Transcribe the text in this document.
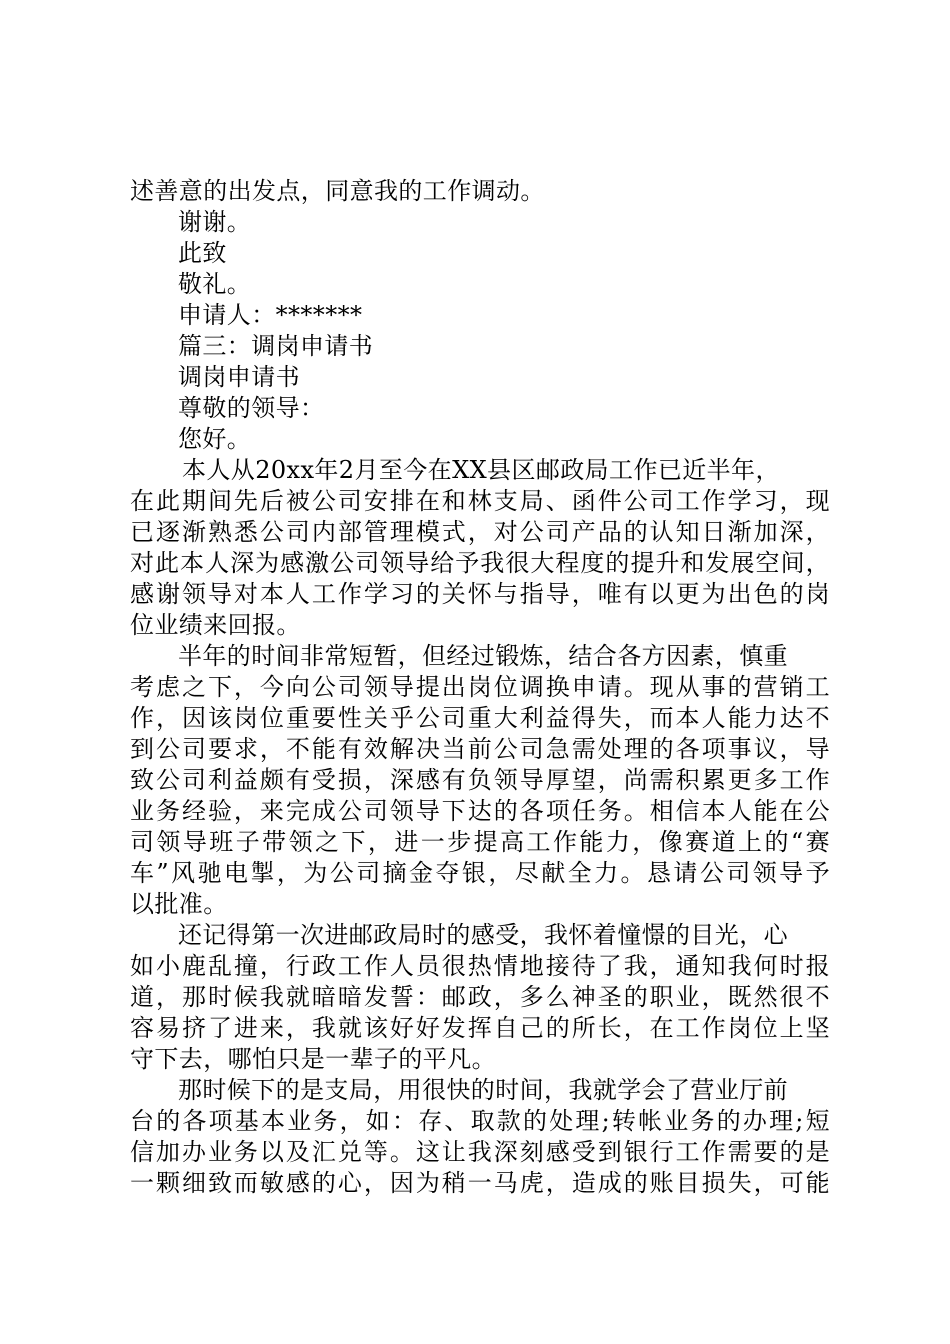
述善意的出发点，同意我的工作调动。
谢谢。
此致
敬礼。
申请人：*******
篇三：调岗申请书
调岗申请书
尊敬的领导：
您好。
本人从20xx年2月至今在XX县区邮政局工作已近半年，
在此期间先后被公司安排在和林支局、函件公司工作学习，现
已逐渐熟悉公司内部管理模式，对公司产品的认知日渐加深，
对此本人深为感激公司领导给予我很大程度的提升和发展空间，
感谢领导对本人工作学习的关怀与指导，唯有以更为出色的岗
位业绩来回报。
半年的时间非常短暂，但经过锻炼，结合各方因素，慎重
考虑之下，今向公司领导提出岗位调换申请。现从事的营销工
作，因该岗位重要性关乎公司重大利益得失，而本人能力达不
到公司要求，不能有效解决当前公司急需处理的各项事议，导
致公司利益颇有受损，深感有负领导厚望，尚需积累更多工作
业务经验，来完成公司领导下达的各项任务。相信本人能在公
司领导班子带领之下，进一步提高工作能力，像赛道上的“赛
车”风驰电掣，为公司摘金夺银，尽献全力。恳请公司领导予
以批准。
还记得第一次进邮政局时的感受，我怀着憧憬的目光，心
如小鹿乱撞，行政工作人员很热情地接待了我，通知我何时报
道，那时候我就暗暗发誓：邮政，多么神圣的职业，既然很不
容易挤了进来，我就该好好发挥自己的所长，在工作岗位上坚
守下去，哪怕只是一辈子的平凡。
那时候下的是支局，用很快的时间，我就学会了营业厅前
台的各项基本业务，如：存、取款的处理;转帐业务的办理;短
信加办业务以及汇兑等。这让我深刻感受到银行工作需要的是
一颗细致而敏感的心，因为稍一马虎，造成的账目损失，可能
